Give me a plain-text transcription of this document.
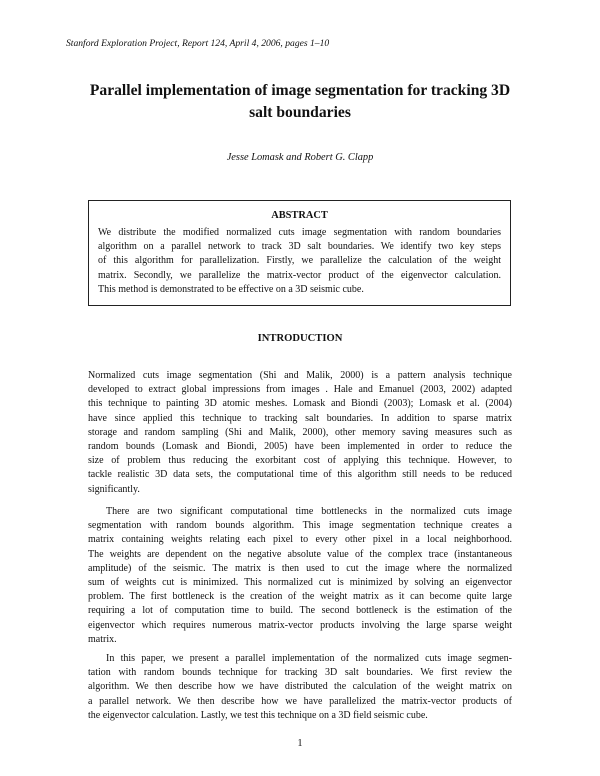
Stanford Exploration Project, Report 124, April 4, 2006, pages 1–10
Parallel implementation of image segmentation for tracking 3D
salt boundaries
Jesse Lomask and Robert G. Clapp
ABSTRACT
We distribute the modified normalized cuts image segmentation with random boundaries
algorithm on a parallel network to track 3D salt boundaries. We identify two key steps
of this algorithm for parallelization. Firstly, we parallelize the calculation of the weight
matrix. Secondly, we parallelize the matrix-vector product of the eigenvector calculation.
This method is demonstrated to be effective on a 3D seismic cube.
INTRODUCTION
Normalized cuts image segmentation (Shi and Malik, 2000) is a pattern analysis technique
developed to extract global impressions from images . Hale and Emanuel (2003, 2002) adapted
this technique to painting 3D atomic meshes. Lomask and Biondi (2003); Lomask et al. (2004)
have since applied this technique to tracking salt boundaries. In addition to sparse matrix
storage and random sampling (Shi and Malik, 2000), other memory saving measures such as
random bounds (Lomask and Biondi, 2005) have been implemented in order to reduce the
size of problem thus reducing the exorbitant cost of applying this technique. However, to
tackle realistic 3D data sets, the computational time of this algorithm still needs to be reduced
significantly.
There are two significant computational time bottlenecks in the normalized cuts image
segmentation with random bounds algorithm. This image segmentation technique creates a
matrix containing weights relating each pixel to every other pixel in a local neighborhood.
The weights are dependent on the negative absolute value of the complex trace (instantaneous
amplitude) of the seismic. The matrix is then used to cut the image where the normalized
sum of weights cut is minimized. This normalized cut is minimized by solving an eigenvector
problem. The first bottleneck is the creation of the weight matrix as it can become quite large
requiring a lot of computation time to build. The second bottleneck is the estimation of the
eigenvector which requires numerous matrix-vector products involving the large sparse weight
matrix.
In this paper, we present a parallel implementation of the normalized cuts image segmen-
tation with random bounds technique for tracking 3D salt boundaries. We first review the
algorithm. We then describe how we have distributed the calculation of the weight matrix on
a parallel network. We then describe how we have parallelized the matrix-vector products of
the eigenvector calculation. Lastly, we test this technique on a 3D field seismic cube.
1
